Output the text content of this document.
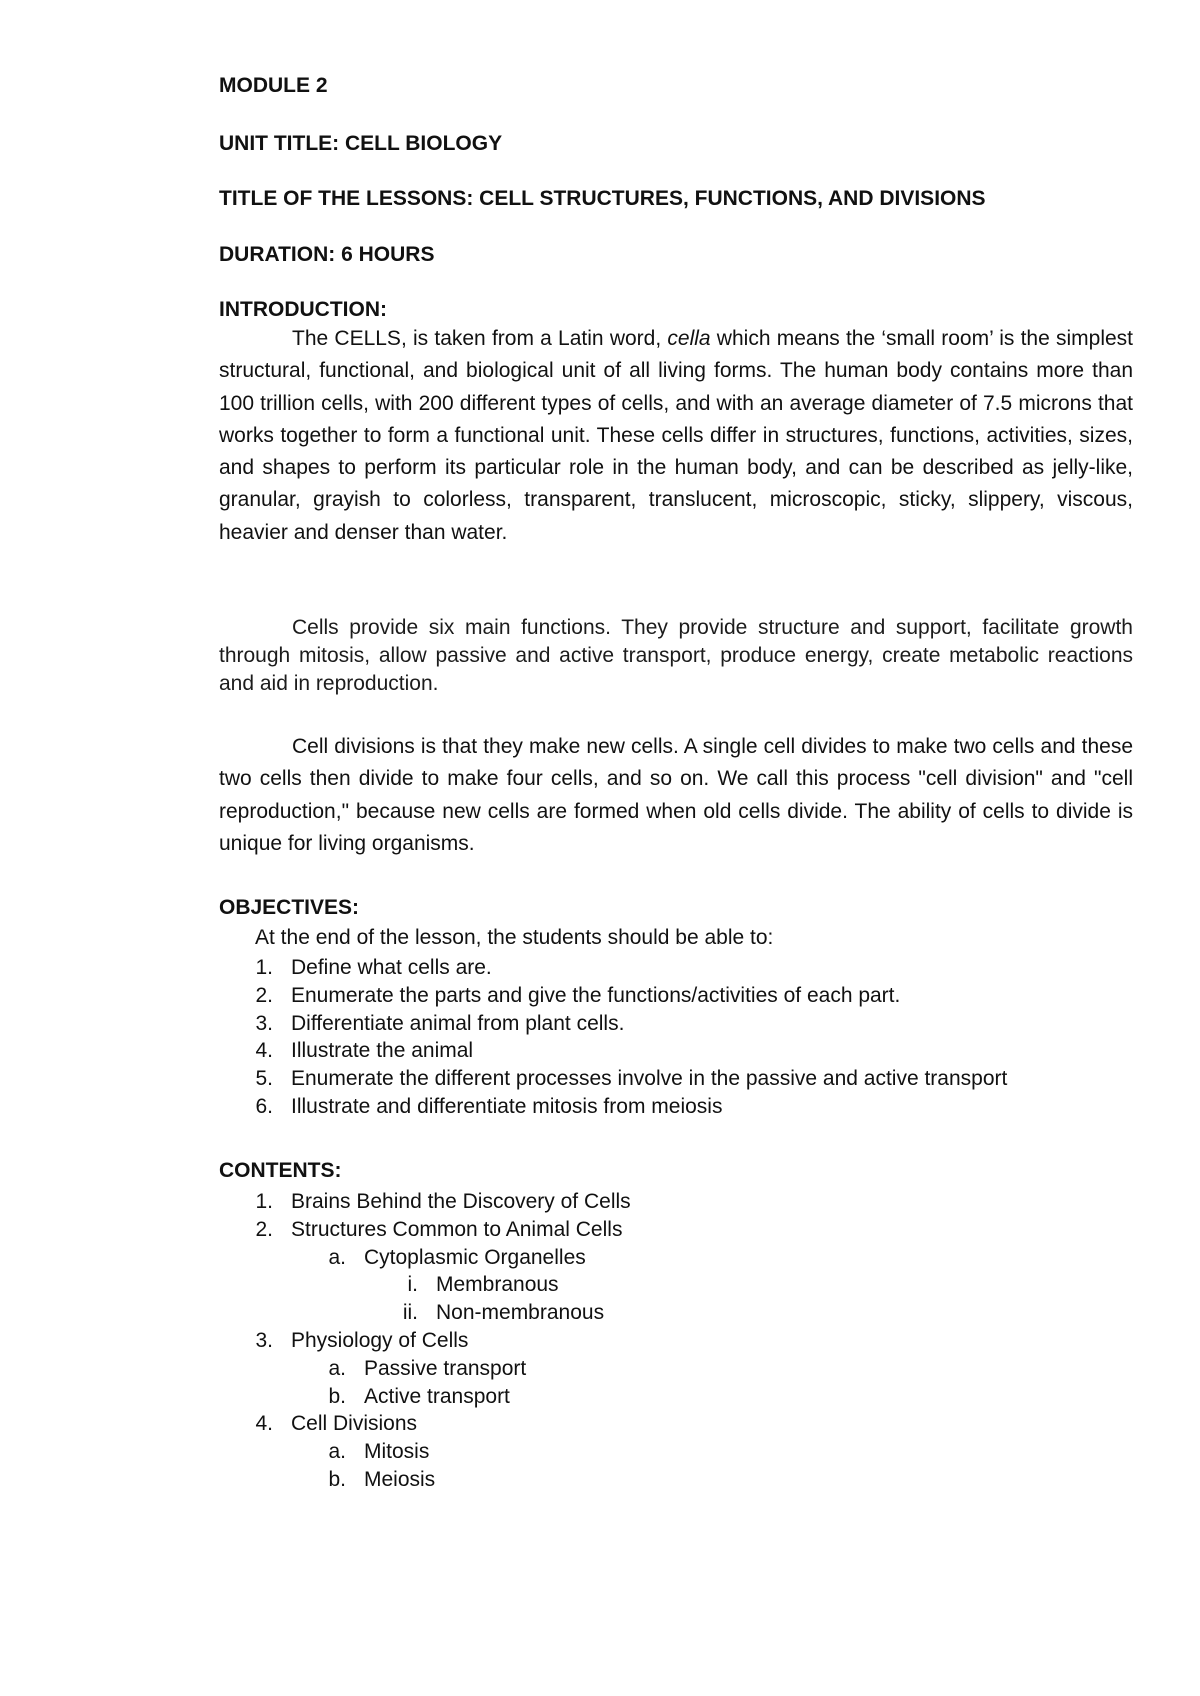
MODULE 2
UNIT TITLE: CELL BIOLOGY
TITLE OF THE LESSONS: CELL STRUCTURES, FUNCTIONS, AND DIVISIONS
DURATION: 6 HOURS
INTRODUCTION:
The CELLS, is taken from a Latin word, cella which means the ‘small room’ is the simplest structural, functional, and biological unit of all living forms. The human body contains more than 100 trillion cells, with 200 different types of cells, and with an average diameter of 7.5 microns that works together to form a functional unit. These cells differ in structures, functions, activities, sizes, and shapes to perform its particular role in the human body, and can be described as jelly-like, granular, grayish to colorless, transparent, translucent, microscopic, sticky, slippery, viscous, heavier and denser than water.
Cells provide six main functions. They provide structure and support, facilitate growth through mitosis, allow passive and active transport, produce energy, create metabolic reactions and aid in reproduction.
Cell divisions is that they make new cells. A single cell divides to make two cells and these two cells then divide to make four cells, and so on. We call this process "cell division" and "cell reproduction," because new cells are formed when old cells divide. The ability of cells to divide is unique for living organisms.
OBJECTIVES:
At the end of the lesson, the students should be able to:
1. Define what cells are.
2. Enumerate the parts and give the functions/activities of each part.
3. Differentiate animal from plant cells.
4. Illustrate the animal
5. Enumerate the different processes involve in the passive and active transport
6. Illustrate and differentiate mitosis from meiosis
CONTENTS:
1. Brains Behind the Discovery of Cells
2. Structures Common to Animal Cells
a. Cytoplasmic Organelles
i. Membranous
ii. Non-membranous
3. Physiology of Cells
a. Passive transport
b. Active transport
4. Cell Divisions
a. Mitosis
b. Meiosis
